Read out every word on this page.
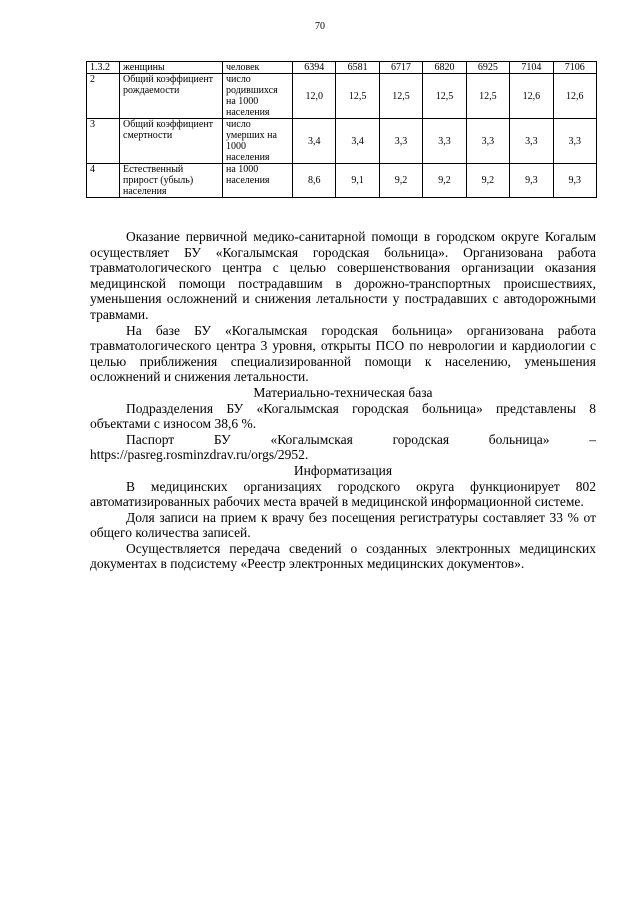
70
1.3.2	женщины	человек	6394	6581	6717	6820	6925	7104	7106
2	Общий коэффициент рождаемости	число родившихся на 1000 населения	12,0	12,5	12,5	12,5	12,5	12,6	12,6
3	Общий коэффициент смертности	число умерших на 1000 населения	3,4	3,4	3,3	3,3	3,3	3,3	3,3
4	Естественный прирост (убыль) населения	на 1000 населения	8,6	9,1	9,2	9,2	9,2	9,3	9,3

Оказание первичной медико-санитарной помощи в городском округе Когалым осуществляет БУ «Когалымская городская больница». Организована работа травматологического центра с целью совершенствования организации оказания медицинской помощи пострадавшим в дорожно-транспортных происшествиях, уменьшения осложнений и снижения летальности у пострадавших с автодорожными травмами.

На базе БУ «Когалымская городская больница» организована работа травматологического центра 3 уровня, открыты ПСО по неврологии и кардиологии с целью приближения специализированной помощи к населению, уменьшения осложнений и снижения летальности.

Материально-техническая база

Подразделения БУ «Когалымская городская больница» представлены 8 объектами с износом 38,6 %.

Паспорт БУ «Когалымская городская больница» – https://pasreg.rosminzdrav.ru/orgs/2952.

Информатизация

В медицинских организациях городского округа функционирует 802 автоматизированных рабочих места врачей в медицинской информационной системе.

Доля записи на прием к врачу без посещения регистратуры составляет 33 % от общего количества записей.

Осуществляется передача сведений о созданных электронных медицинских документах в подсистему «Реестр электронных медицинских документов».
